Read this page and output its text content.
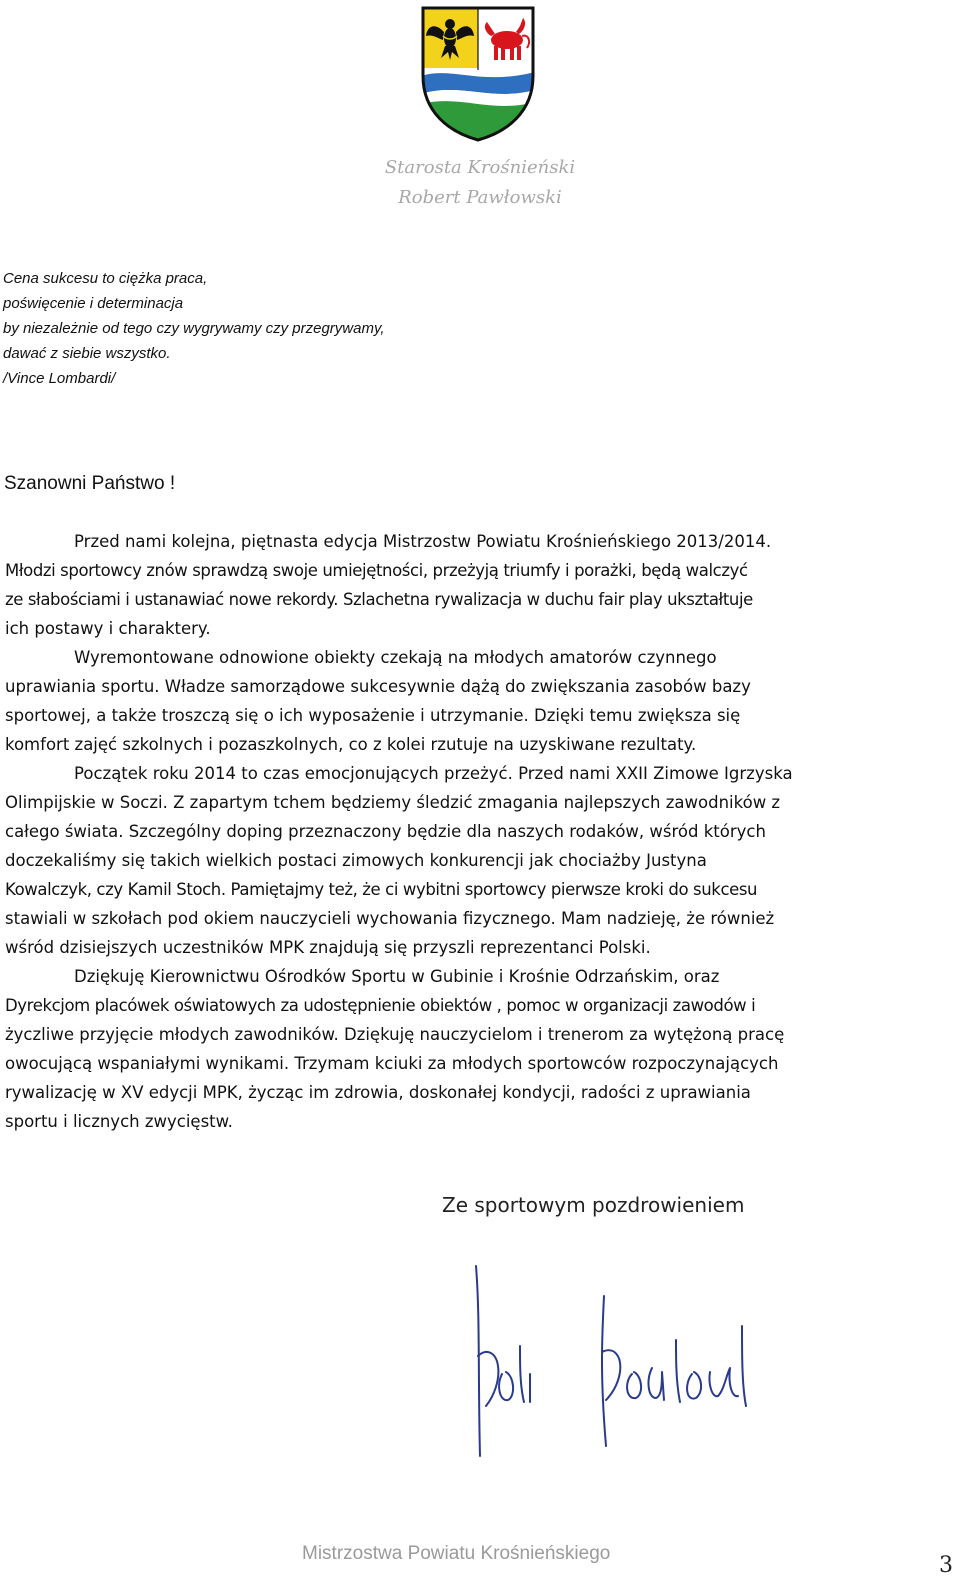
Starosta Krośnieński
Robert Pawłowski
Cena sukcesu to ciężka praca,
poświęcenie i determinacja
by niezależnie od tego czy wygrywamy czy przegrywamy,
dawać z siebie wszystko.
/Vince Lombardi/
Szanowni Państwo !
Przed nami kolejna, piętnasta edycja Mistrzostw Powiatu Krośnieńskiego 2013/2014.
Młodzi sportowcy znów sprawdzą swoje umiejętności, przeżyją triumfy i porażki, będą walczyć
ze słabościami i ustanawiać nowe rekordy. Szlachetna rywalizacja w duchu fair play ukształtuje
ich postawy i charaktery.
Wyremontowane odnowione obiekty czekają na młodych amatorów czynnego
uprawiania sportu. Władze samorządowe sukcesywnie dążą do zwiększania zasobów bazy
sportowej, a także troszczą się o ich wyposażenie i utrzymanie. Dzięki temu zwiększa się
komfort zajęć szkolnych i pozaszkolnych, co z kolei rzutuje na uzyskiwane rezultaty.
Początek roku 2014 to czas emocjonujących przeżyć. Przed nami XXII Zimowe Igrzyska
Olimpijskie w Soczi. Z zapartym tchem będziemy śledzić zmagania najlepszych zawodników z
całego świata. Szczególny doping przeznaczony będzie dla naszych rodaków, wśród których
doczekaliśmy się takich wielkich postaci zimowych konkurencji jak chociażby Justyna
Kowalczyk, czy Kamil Stoch. Pamiętajmy też, że ci wybitni sportowcy pierwsze kroki do sukcesu
stawiali w szkołach pod okiem nauczycieli wychowania fizycznego. Mam nadzieję, że również
wśród dzisiejszych uczestników MPK znajdują się przyszli reprezentanci Polski.
Dziękuję Kierownictwu Ośrodków Sportu w Gubinie i Krośnie Odrzańskim, oraz
Dyrekcjom placówek oświatowych za udostępnienie obiektów , pomoc w organizacji zawodów i
życzliwe przyjęcie młodych zawodników. Dziękuję nauczycielom i trenerom za wytężoną pracę
owocującą wspaniałymi wynikami. Trzymam kciuki za młodych sportowców rozpoczynających
rywalizację w XV edycji MPK, życząc im zdrowia, doskonałej kondycji, radości z uprawiania
sportu i licznych zwycięstw.
Ze sportowym pozdrowieniem
Mistrzostwa Powiatu Krośnieńskiego	3
